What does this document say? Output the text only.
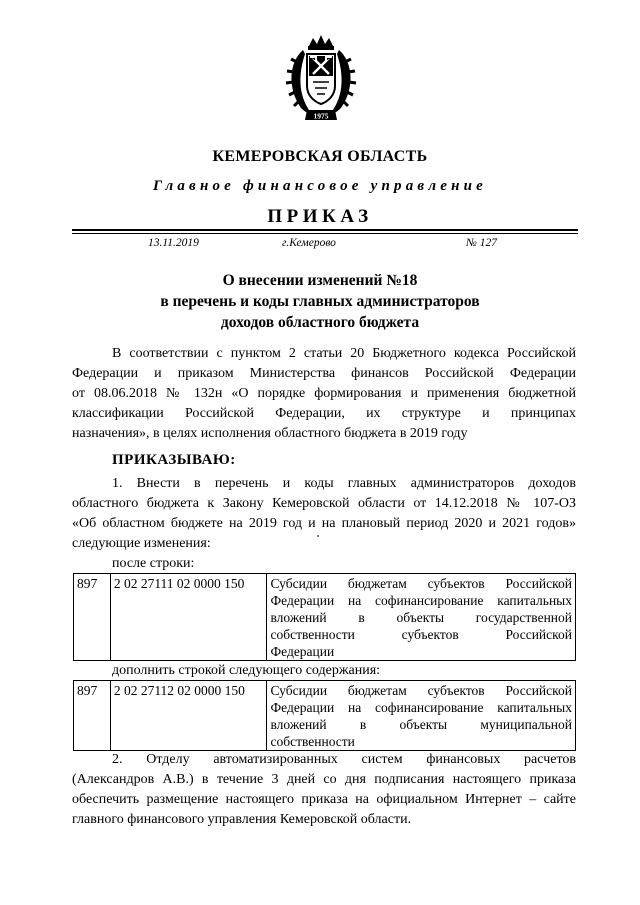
1975
КЕМЕРОВСКАЯ ОБЛАСТЬ
Главное финансовое управление
ПРИКАЗ
13.11.2019	г.Кемерово	№ 127
О внесении изменений №18
в перечень и коды главных администраторов
доходов областного бюджета
В соответствии с пунктом 2 статьи 20 Бюджетного кодекса Российской
Федерации и приказом Министерства финансов Российской Федерации
от 08.06.2018 № 132н «О порядке формирования и применения бюджетной
классификации Российской Федерации, их структуре и принципах
назначения», в целях исполнения областного бюджета в 2019 году
ПРИКАЗЫВАЮ:
1. Внести в перечень и коды главных администраторов доходов
областного бюджета к Закону Кемеровской области от 14.12.2018 № 107-ОЗ
«Об областном бюджете на 2019 год и на плановый период 2020 и 2021 годов»
следующие изменения:
после строки:
897	2 02 27111 02 0000 150	Субсидии бюджетам субъектов Российской
Федерации на софинансирование капитальных
вложений в объекты государственной
собственности субъектов Российской
Федерации
дополнить строкой следующего содержания:
897	2 02 27112 02 0000 150	Субсидии бюджетам субъектов Российской
Федерации на софинансирование капитальных
вложений в объекты муниципальной
собственности
2. Отделу автоматизированных систем финансовых расчетов
(Александров А.В.) в течение 3 дней со дня подписания настоящего приказа
обеспечить размещение настоящего приказа на официальном Интернет – сайте
главного финансового управления Кемеровской области.
